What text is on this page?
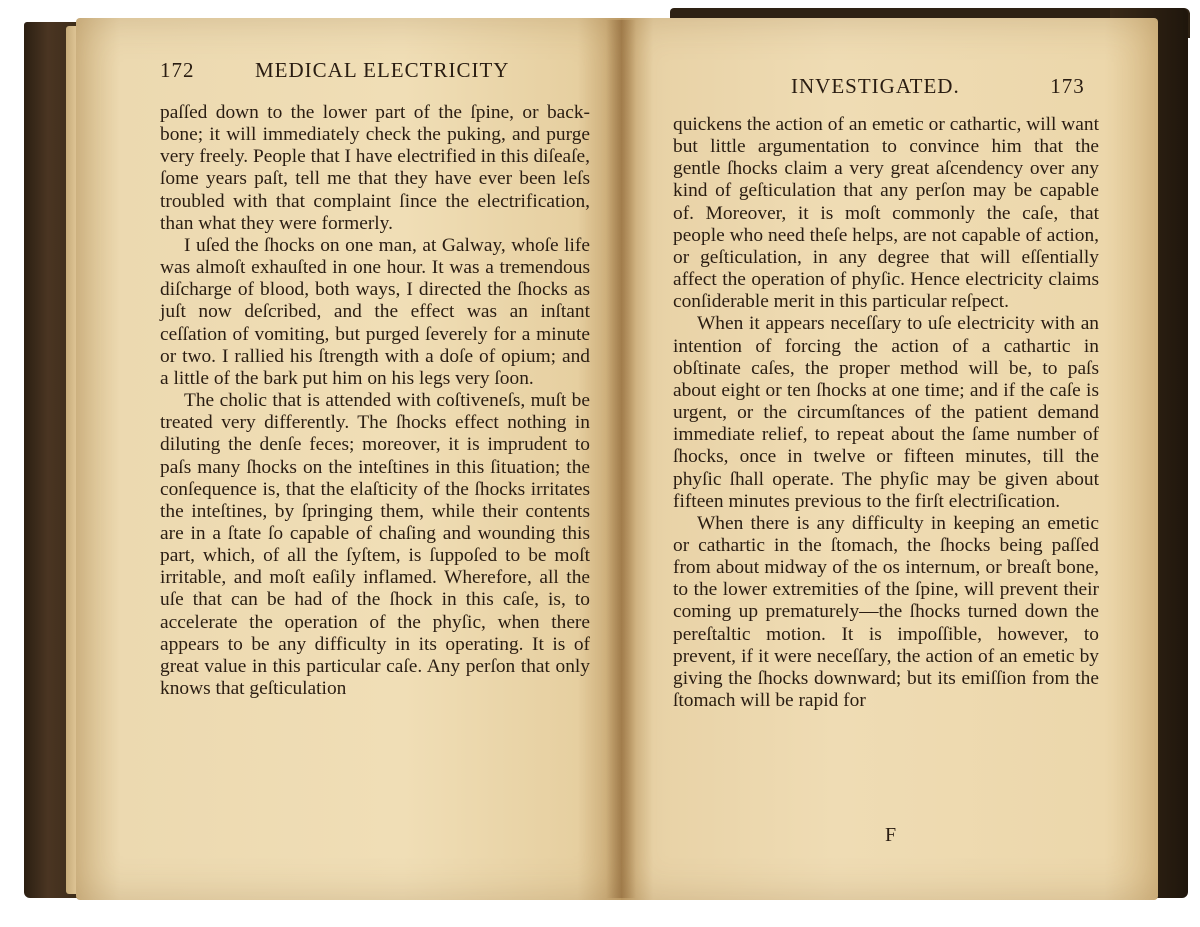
172	MEDICAL ELECTRICITY

paſſed down to the lower part of the ſpine, or back-bone; it will immediately check the puking, and purge very freely. People that I have electrified in this diſeaſe, ſome years paſt, tell me that they have ever been leſs troubled with that complaint ſince the electrification, than what they were formerly.

I uſed the ſhocks on one man, at Galway, whoſe life was almoſt exhauſted in one hour. It was a tremendous diſcharge of blood, both ways, I directed the ſhocks as juſt now deſcribed, and the effect was an inſtant ceſſation of vomiting, but purged ſeverely for a minute or two. I rallied his ſtrength with a doſe of opium; and a little of the bark put him on his legs very ſoon.

The cholic that is attended with coſtiveneſs, muſt be treated very differently. The ſhocks effect nothing in diluting the denſe feces; moreover, it is imprudent to paſs many ſhocks on the inteſtines in this ſituation; the conſequence is, that the elaſticity of the ſhocks irritates the inteſtines, by ſpringing them, while their contents are in a ſtate ſo capable of chaſing and wounding this part, which, of all the ſyſtem, is ſuppoſed to be moſt irritable, and moſt eaſily inflamed. Wherefore, all the uſe that can be had of the ſhock in this caſe, is, to accelerate the operation of the phyſic, when there appears to be any difficulty in its operating. It is of great value in this particular caſe. Any perſon that only knows that geſticulation

INVESTIGATED.	173

quickens the action of an emetic or cathartic, will want but little argumentation to convince him that the gentle ſhocks claim a very great aſcendency over any kind of geſticulation that any perſon may be capable of. Moreover, it is moſt commonly the caſe, that people who need theſe helps, are not capable of action, or geſticulation, in any degree that will eſſentially affect the operation of phyſic. Hence electricity claims conſiderable merit in this particular reſpect.

When it appears neceſſary to uſe electricity with an intention of forcing the action of a cathartic in obſtinate caſes, the proper method will be, to paſs about eight or ten ſhocks at one time; and if the caſe is urgent, or the circumſtances of the patient demand immediate relief, to repeat about the ſame number of ſhocks, once in twelve or fifteen minutes, till the phyſic ſhall operate. The phyſic may be given about fifteen minutes previous to the firſt electriſication.

When there is any difficulty in keeping an emetic or cathartic in the ſtomach, the ſhocks being paſſed from about midway of the os internum, or breaſt bone, to the lower extremities of the ſpine, will prevent their coming up prematurely—the ſhocks turned down the pereſtaltic motion. It is impoſſible, however, to prevent, if it were neceſſary, the action of an emetic by giving the ſhocks downward; but its emiſſion from the ſtomach will be rapid for

F
